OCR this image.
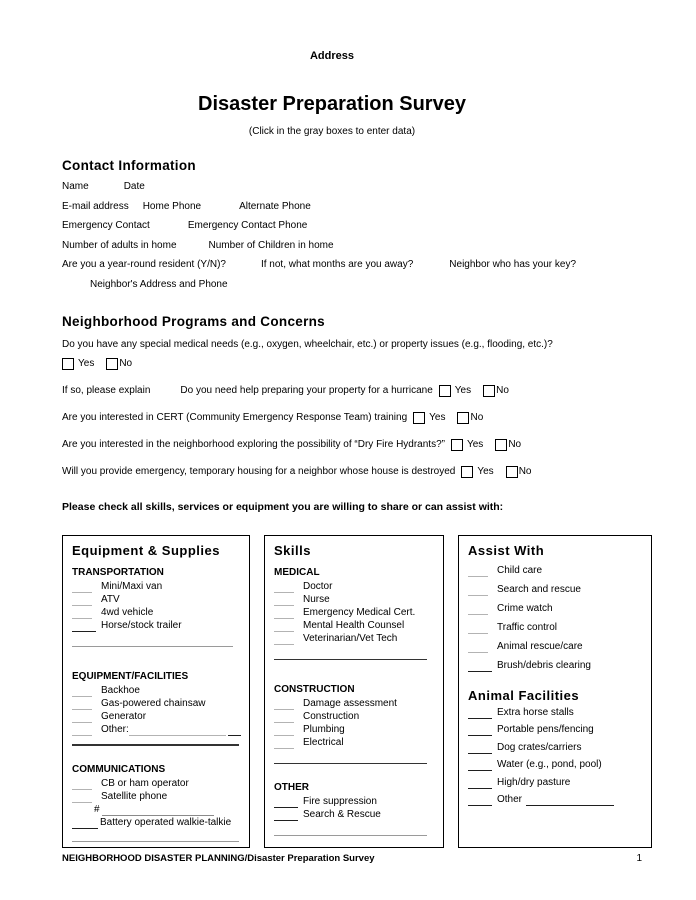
Address
Disaster Preparation Survey
(Click in the gray boxes to enter data)
Contact Information
Name	Date
E-mail address Home Phone	Alternate Phone
Emergency Contact	Emergency Contact Phone
Number of adults in home	Number of Children in home
Are you a year-round resident (Y/N)?	If not, what months are you away?	Neighbor who has your key?
Neighbor's Address and Phone
Neighborhood Programs and Concerns
Do you have any special medical needs (e.g., oxygen, wheelchair, etc.) or property issues (e.g., flooding, etc.)?
Yes	No
If so, please explain	Do you need help preparing your property for a hurricane Yes	No
Are you interested in CERT (Community Emergency Response Team) training Yes	No
Are you interested in the neighborhood exploring the possibility of “Dry Fire Hydrants?” Yes	No
Will you provide emergency, temporary housing for a neighbor whose house is destroyed Yes	No
Please check all skills, services or equipment you are willing to share or can assist with:
Equipment & Supplies
TRANSPORTATION
Mini/Maxi van
ATV
4wd vehicle
Horse/stock trailer
EQUIPMENT/FACILITIES
Backhoe
Gas-powered chainsaw
Generator
Other:
COMMUNICATIONS
CB or ham operator
Satellite phone
#
Battery operated walkie-talkie
Skills
MEDICAL
Doctor
Nurse
Emergency Medical Cert.
Mental Health Counsel
Veterinarian/Vet Tech
CONSTRUCTION
Damage assessment
Construction
Plumbing
Electrical
OTHER
Fire suppression
Search & Rescue
Assist With
Child care
Search and rescue
Crime watch
Traffic control
Animal rescue/care
Brush/debris clearing
Animal Facilities
Extra horse stalls
Portable pens/fencing
Dog crates/carriers
Water (e.g., pond, pool)
High/dry pasture
Other
NEIGHBORHOOD DISASTER PLANNING/Disaster Preparation Survey	1
